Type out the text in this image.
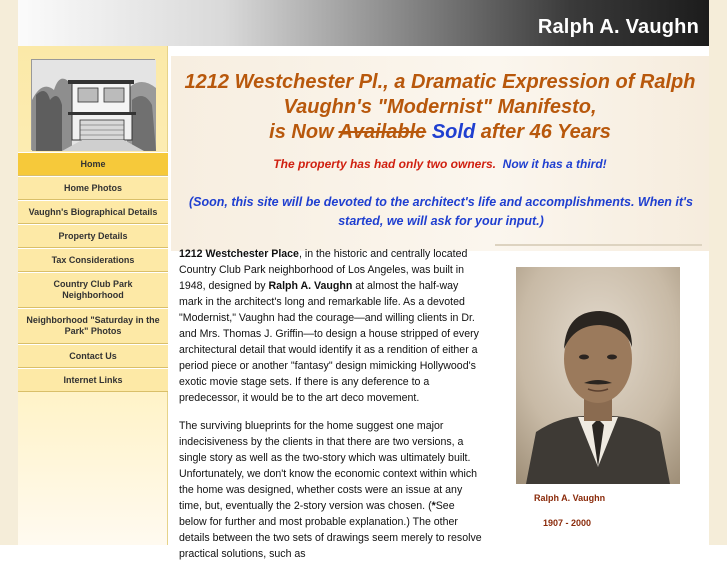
Ralph A. Vaughn
Home
Home Photos
Vaughn's Biographical Details
Property Details
Tax Considerations
Country Club Park Neighborhood
Neighborhood "Saturday in the Park" Photos
Contact Us
Internet Links
1212 Westchester Pl., a Dramatic Expression of Ralph
Vaughn's "Modernist" Manifesto,
is Now Available Sold after 46 Years
The property has had only two owners. Now it has a third!
(Soon, this site will be devoted to the architect's life and accomplishments. When it's started, we will ask for your input.)

1212 Westchester Place, in the historic and centrally located Country Club Park neighborhood of Los Angeles, was built in 1948, designed by Ralph A. Vaughn at almost the half-way mark in the architect's long and remarkable life. As a devoted "Modernist," Vaughn had the courage—and willing clients in Dr. and Mrs. Thomas J. Griffin—to design a house stripped of every architectural detail that would identify it as a rendition of either a period piece or another "fantasy" design mimicking Hollywood's exotic movie stage sets. If there is any deference to a predecessor, it would be to the art deco movement.

The surviving blueprints for the home suggest one major indecisiveness by the clients in that there are two versions, a single story as well as the two-story which was ultimately built. Unfortunately, we don't know the economic context within which the home was designed, whether costs were an issue at any time, but, eventually the 2-story version was chosen. (*See below for further and most probable explanation.) The other details between the two sets of drawings seem merely to resolve practical solutions, such as

Ralph A. Vaughn
1907 - 2000
